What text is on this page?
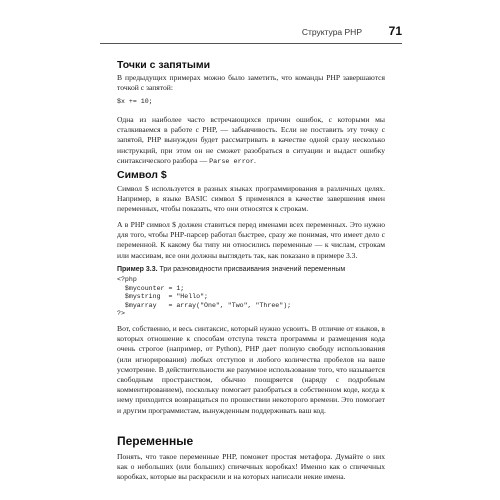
Структура PHP 71
Точки с запятыми

В предыдущих примерах можно было заметить, что команды PHP завершаются точкой с запятой:

$x += 10;

Одна из наиболее часто встречающихся причин ошибок, с которыми мы сталкиваемся в работе с PHP, — забывчивость. Если не поставить эту точку с запятой, PHP вынужден будет рассматривать в качестве одной сразу несколько инструкций, при этом он не сможет разобраться в ситуации и выдаст ошибку синтаксического разбора — Parse error.

Символ $

Символ $ используется в разных языках программирования в различных целях. Например, в языке BASIC символ $ применялся в качестве завершения имен переменных, чтобы показать, что они относятся к строкам.

А в PHP символ $ должен ставиться перед именами всех переменных. Это нужно для того, чтобы PHP-парсер работал быстрее, сразу же понимая, что имеет дело с переменной. К какому бы типу ни относились переменные — к числам, строкам или массивам, все они должны выглядеть так, как показано в примере 3.3.

Пример 3.3. Три разновидности присваивания значений переменным
<?php
$mycounter = 1;
$mystring  = "Hello";
$myarray   = array("One", "Two", "Three");
?>

Вот, собственно, и весь синтаксис, который нужно усвоить. В отличие от языков, в которых отношение к способам отступа текста программы и размещения кода очень строгое (например, от Python), PHP дает полную свободу использования (или игнорирования) любых отступов и любого количества пробелов на ваше усмотрение. В действительности же разумное использование того, что называется свободным пространством, обычно поощряется (наряду с подробным комментированием), поскольку помогает разобраться в собственном коде, когда к нему приходится возвращаться по прошествии некоторого времени. Это помогает и другим программистам, вынужденным поддерживать ваш код.

Переменные

Понять, что такое переменные PHP, поможет простая метафора. Думайте о них как о небольших (или больших) спичечных коробках! Именно как о спичечных коробках, которые вы раскрасили и на которых написали некие имена.
